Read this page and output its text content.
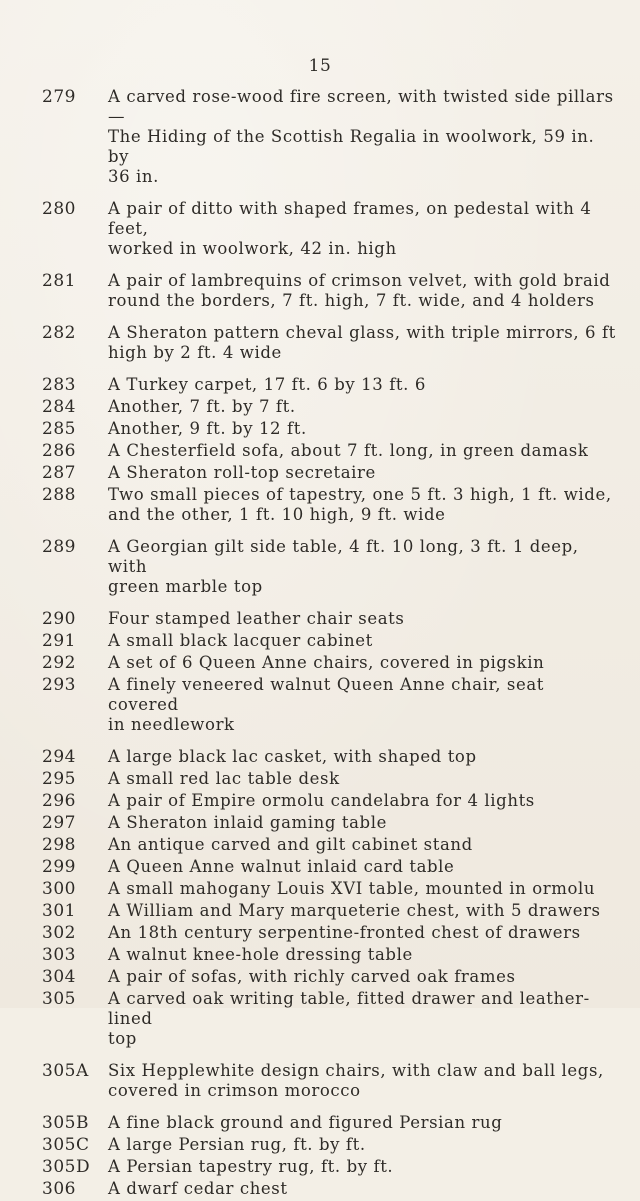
15
279	A carved rose-wood fire screen, with twisted side pillars—
The Hiding of the Scottish Regalia in woolwork, 59 in. by
36 in.
280	A pair of ditto with shaped frames, on pedestal with 4 feet,
worked in woolwork, 42 in. high
281	A pair of lambrequins of crimson velvet, with gold braid
round the borders, 7 ft. high, 7 ft. wide, and 4 holders
282	A Sheraton pattern cheval glass, with triple mirrors, 6 ft
high by 2 ft. 4 wide
283	A Turkey carpet, 17 ft. 6 by 13 ft. 6
284	Another, 7 ft. by 7 ft.
285	Another, 9 ft. by 12 ft.
286	A Chesterfield sofa, about 7 ft. long, in green damask
287	A Sheraton roll-top secretaire
288	Two small pieces of tapestry, one 5 ft. 3 high, 1 ft. wide,
and the other, 1 ft. 10 high, 9 ft. wide
289	A Georgian gilt side table, 4 ft. 10 long, 3 ft. 1 deep, with
green marble top
290	Four stamped leather chair seats
291	A small black lacquer cabinet
292	A set of 6 Queen Anne chairs, covered in pigskin
293	A finely veneered walnut Queen Anne chair, seat covered
in needlework
294	A large black lac casket, with shaped top
295	A small red lac table desk
296	A pair of Empire ormolu candelabra for 4 lights
297	A Sheraton inlaid gaming table
298	An antique carved and gilt cabinet stand
299	A Queen Anne walnut inlaid card table
300	A small mahogany Louis XVI table, mounted in ormolu
301	A William and Mary marqueterie chest, with 5 drawers
302	An 18th century serpentine-fronted chest of drawers
303	A walnut knee-hole dressing table
304	A pair of sofas, with richly carved oak frames
305	A carved oak writing table, fitted drawer and leather-lined
top
305A	Six Hepplewhite design chairs, with claw and ball legs,
covered in crimson morocco
305B	A fine black ground and figured Persian rug
305C	A large Persian rug, ft. by ft.
305D	A Persian tapestry rug, ft. by ft.
306	A dwarf cedar chest
